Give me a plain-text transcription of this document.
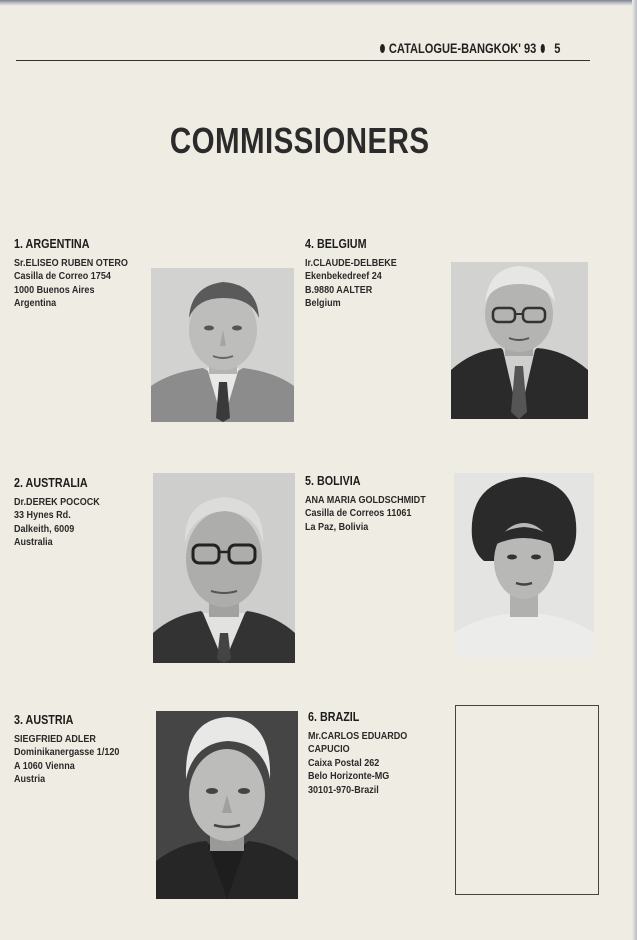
CATALOGUE-BANGKOK' 93 5
COMMISSIONERS
1. ARGENTINA
Sr.ELISEO RUBEN OTERO
Casilla de Correo 1754
1000 Buenos Aires
Argentina
4. BELGIUM
Ir.CLAUDE-DELBEKE
Ekenbekedreef 24
B.9880 AALTER
Belgium
2. AUSTRALIA
Dr.DEREK POCOCK
33 Hynes Rd.
Dalkeith, 6009
Australia
5. BOLIVIA
ANA MARIA GOLDSCHMIDT
Casilla de Correos 11061
La Paz, Bolivia
3. AUSTRIA
SIEGFRIED ADLER
Dominikanergasse 1/120
A 1060 Vienna
Austria
6. BRAZIL
Mr.CARLOS EDUARDO
CAPUCIO
Caixa Postal 262
Belo Horizonte-MG
30101-970-Brazil
